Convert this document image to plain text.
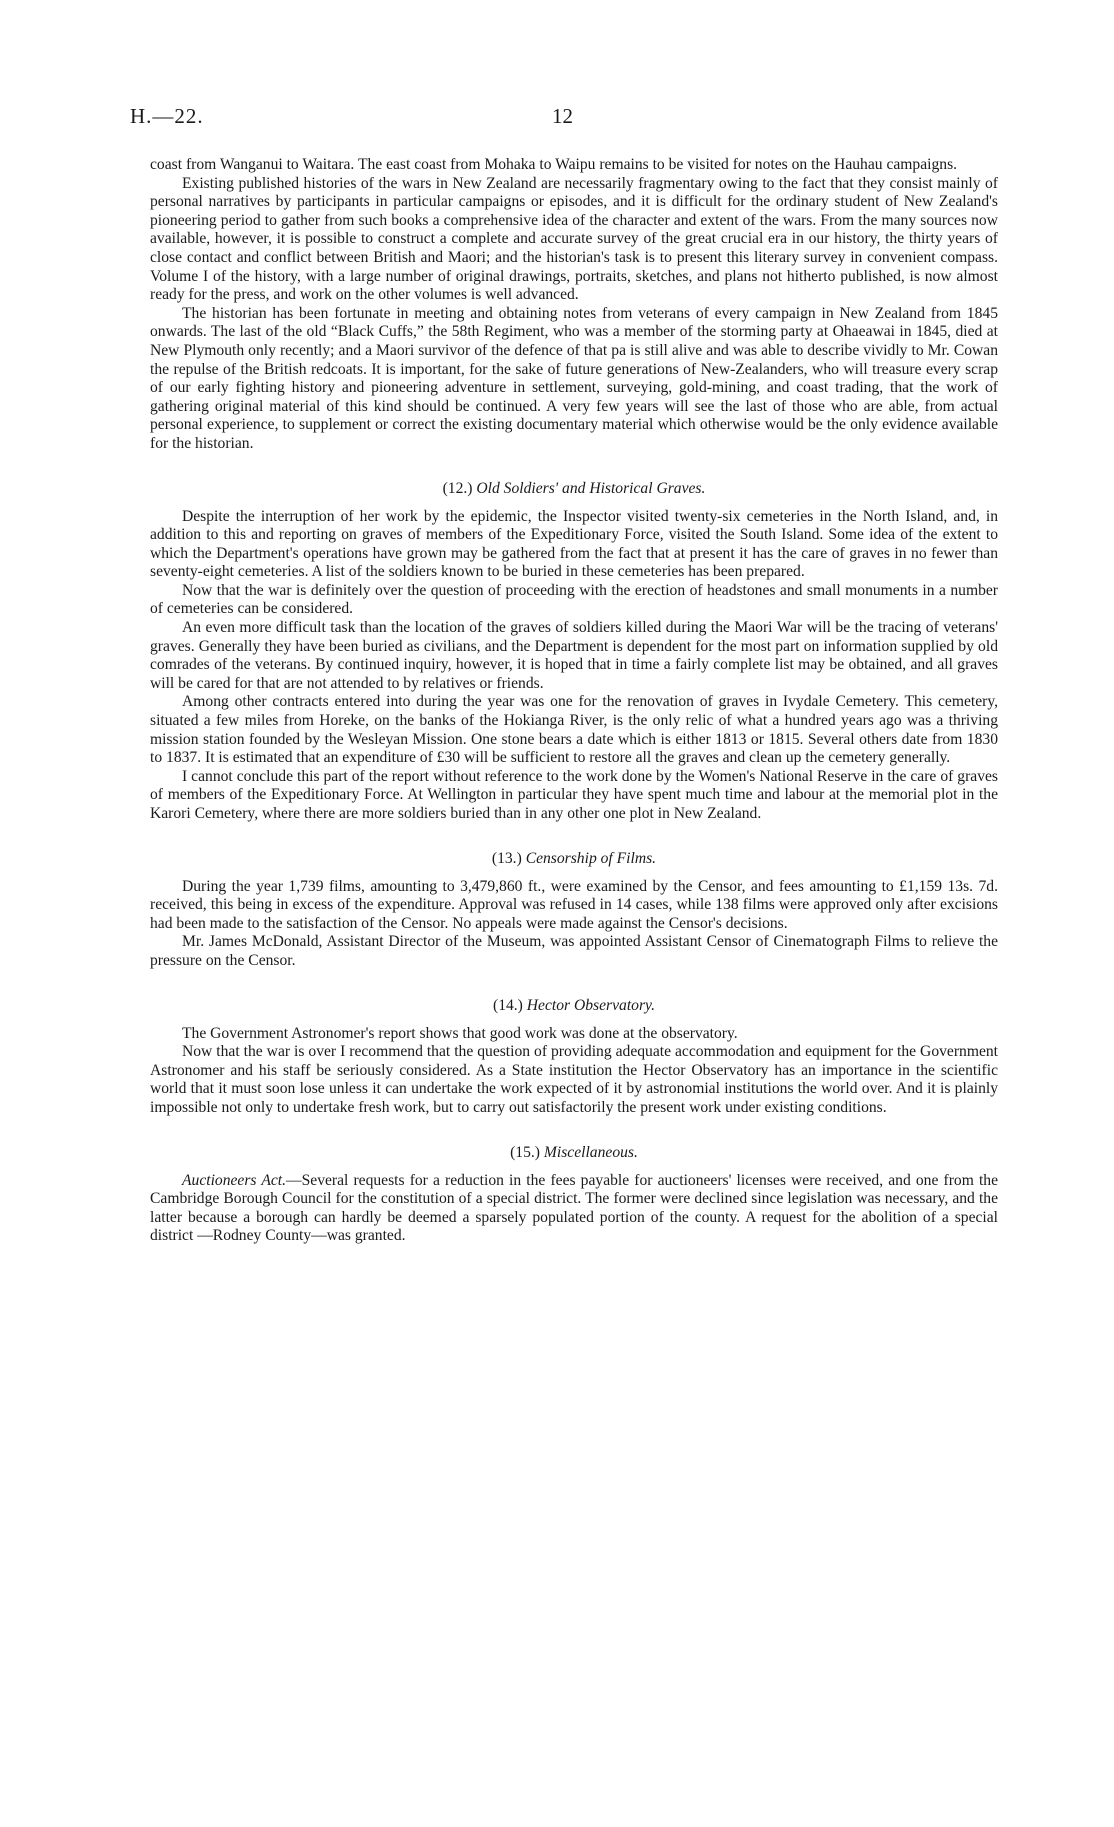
H.—22.	12

coast from Wanganui to Waitara. The east coast from Mohaka to Waipu remains to be visited for notes on the Hauhau campaigns.

Existing published histories of the wars in New Zealand are necessarily fragmentary owing to the fact that they consist mainly of personal narratives by participants in particular campaigns or episodes, and it is difficult for the ordinary student of New Zealand's pioneering period to gather from such books a comprehensive idea of the character and extent of the wars. From the many sources now available, however, it is possible to construct a complete and accurate survey of the great crucial era in our history, the thirty years of close contact and conflict between British and Maori; and the historian's task is to present this literary survey in convenient compass. Volume I of the history, with a large number of original drawings, portraits, sketches, and plans not hitherto published, is now almost ready for the press, and work on the other volumes is well advanced.

The historian has been fortunate in meeting and obtaining notes from veterans of every campaign in New Zealand from 1845 onwards. The last of the old “Black Cuffs,” the 58th Regiment, who was a member of the storming party at Ohaeawai in 1845, died at New Plymouth only recently; and a Maori survivor of the defence of that pa is still alive and was able to describe vividly to Mr. Cowan the repulse of the British redcoats. It is important, for the sake of future generations of New-Zealanders, who will treasure every scrap of our early fighting history and pioneering adventure in settlement, surveying, gold-mining, and coast trading, that the work of gathering original material of this kind should be continued. A very few years will see the last of those who are able, from actual personal experience, to supplement or correct the existing documentary material which otherwise would be the only evidence available for the historian.

(12.) Old Soldiers' and Historical Graves.

Despite the interruption of her work by the epidemic, the Inspector visited twenty-six cemeteries in the North Island, and, in addition to this and reporting on graves of members of the Expeditionary Force, visited the South Island. Some idea of the extent to which the Department's operations have grown may be gathered from the fact that at present it has the care of graves in no fewer than seventy-eight cemeteries. A list of the soldiers known to be buried in these cemeteries has been prepared.

Now that the war is definitely over the question of proceeding with the erection of headstones and small monuments in a number of cemeteries can be considered.

An even more difficult task than the location of the graves of soldiers killed during the Maori War will be the tracing of veterans' graves. Generally they have been buried as civilians, and the Department is dependent for the most part on information supplied by old comrades of the veterans. By continued inquiry, however, it is hoped that in time a fairly complete list may be obtained, and all graves will be cared for that are not attended to by relatives or friends.

Among other contracts entered into during the year was one for the renovation of graves in Ivydale Cemetery. This cemetery, situated a few miles from Horeke, on the banks of the Hokianga River, is the only relic of what a hundred years ago was a thriving mission station founded by the Wesleyan Mission. One stone bears a date which is either 1813 or 1815. Several others date from 1830 to 1837. It is estimated that an expenditure of £30 will be sufficient to restore all the graves and clean up the cemetery generally.

I cannot conclude this part of the report without reference to the work done by the Women's National Reserve in the care of graves of members of the Expeditionary Force. At Wellington in particular they have spent much time and labour at the memorial plot in the Karori Cemetery, where there are more soldiers buried than in any other one plot in New Zealand.

(13.) Censorship of Films.

During the year 1,739 films, amounting to 3,479,860 ft., were examined by the Censor, and fees amounting to £1,159 13s. 7d. received, this being in excess of the expenditure. Approval was refused in 14 cases, while 138 films were approved only after excisions had been made to the satisfaction of the Censor. No appeals were made against the Censor's decisions.

Mr. James McDonald, Assistant Director of the Museum, was appointed Assistant Censor of Cinematograph Films to relieve the pressure on the Censor.

(14.) Hector Observatory.

The Government Astronomer's report shows that good work was done at the observatory.

Now that the war is over I recommend that the question of providing adequate accommodation and equipment for the Government Astronomer and his staff be seriously considered. As a State institution the Hector Observatory has an importance in the scientific world that it must soon lose unless it can undertake the work expected of it by astronomial institutions the world over. And it is plainly impossible not only to undertake fresh work, but to carry out satisfactorily the present work under existing conditions.

(15.) Miscellaneous.

Auctioneers Act.—Several requests for a reduction in the fees payable for auctioneers' licenses were received, and one from the Cambridge Borough Council for the constitution of a special district. The former were declined since legislation was necessary, and the latter because a borough can hardly be deemed a sparsely populated portion of the county. A request for the abolition of a special district —Rodney County—was granted.
